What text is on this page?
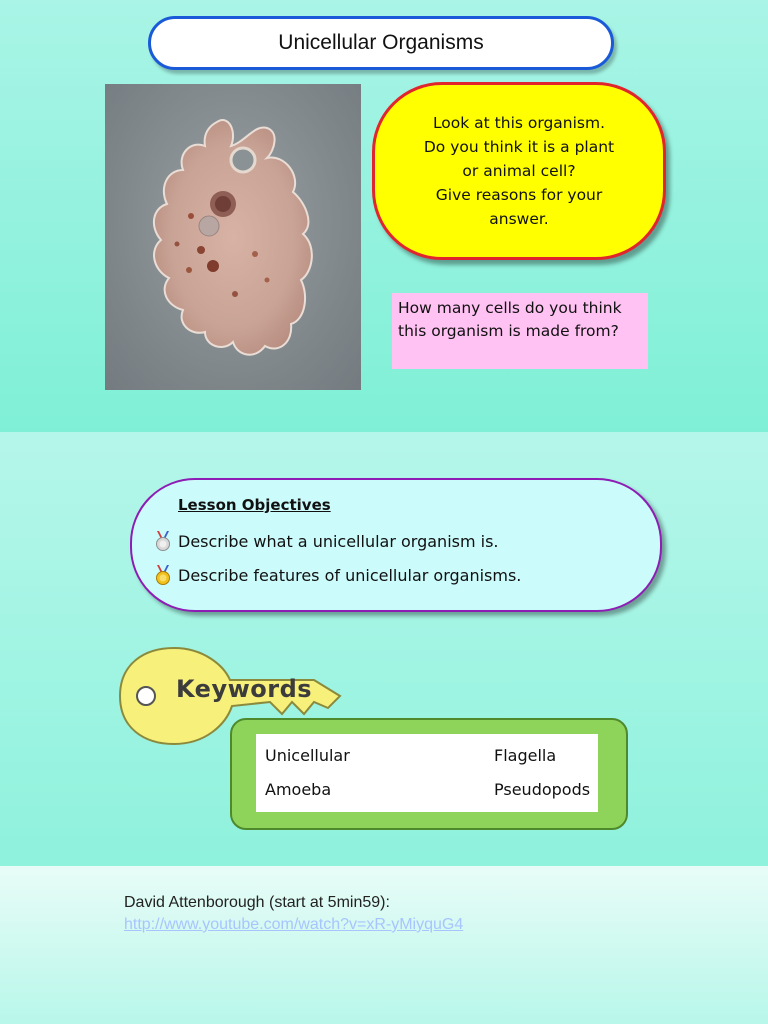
Unicellular Organisms
Look at this organism.
Do you think it is a plant
or animal cell?
Give reasons for your
answer.
How many cells do you think this organism is made from?
Lesson Objectives
Describe what a unicellular organism is.
Describe features of unicellular organisms.
Keywords
Unicellular	Flagella
Amoeba	Pseudopods
David Attenborough (start at 5min59):
http://www.youtube.com/watch?v=xR-yMiyquG4
